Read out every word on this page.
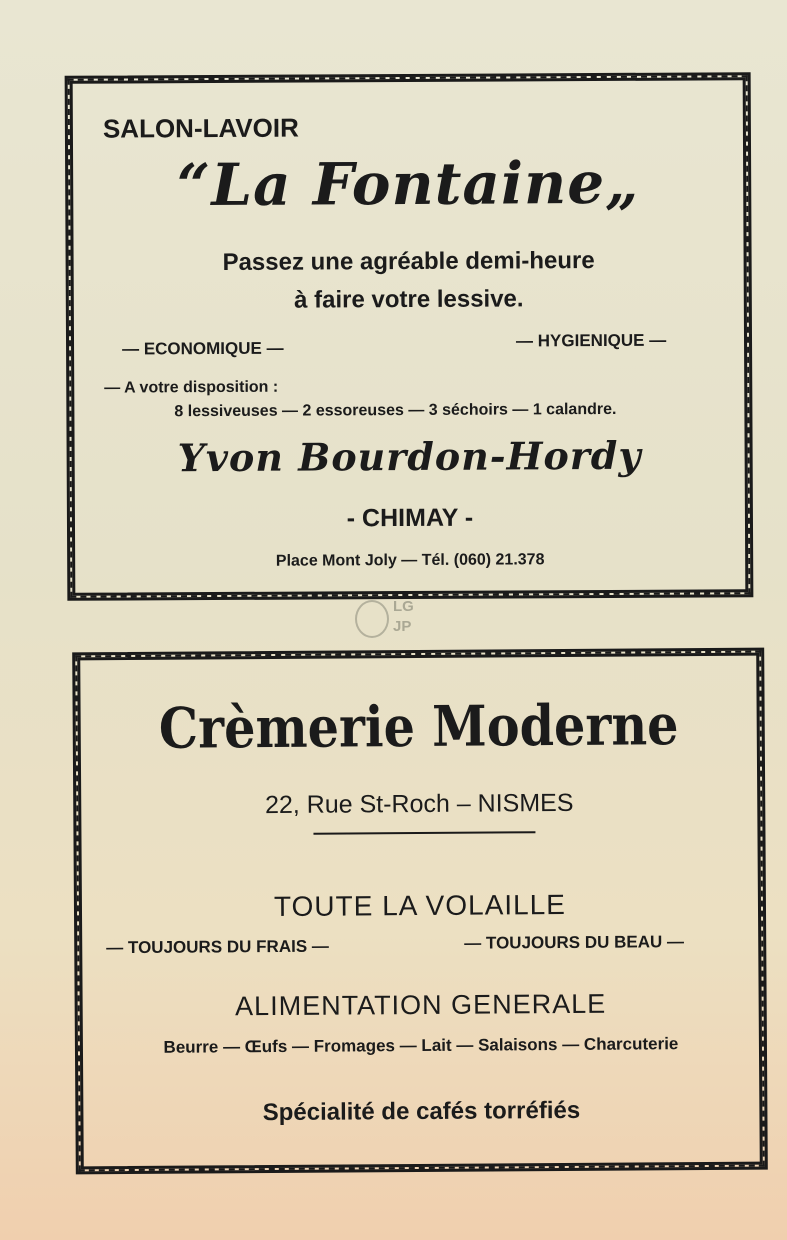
SALON-LAVOIR
“La Fontaine„
Passez une agréable demi-heure
à faire votre lessive.
— ECONOMIQUE —	— HYGIENIQUE —
— A votre disposition :
8 lessiveuses — 2 essoreuses — 3 séchoirs — 1 calandre.
Yvon Bourdon-Hordy
- CHIMAY -
Place Mont Joly — Tél. (060) 21.378
LG
JP
Crèmerie Moderne
22, Rue St-Roch – NISMES
TOUTE LA VOLAILLE
— TOUJOURS DU FRAIS —	— TOUJOURS DU BEAU —
ALIMENTATION GENERALE
Beurre — Œufs — Fromages — Lait — Salaisons — Charcuterie
Spécialité de cafés torréfiés
